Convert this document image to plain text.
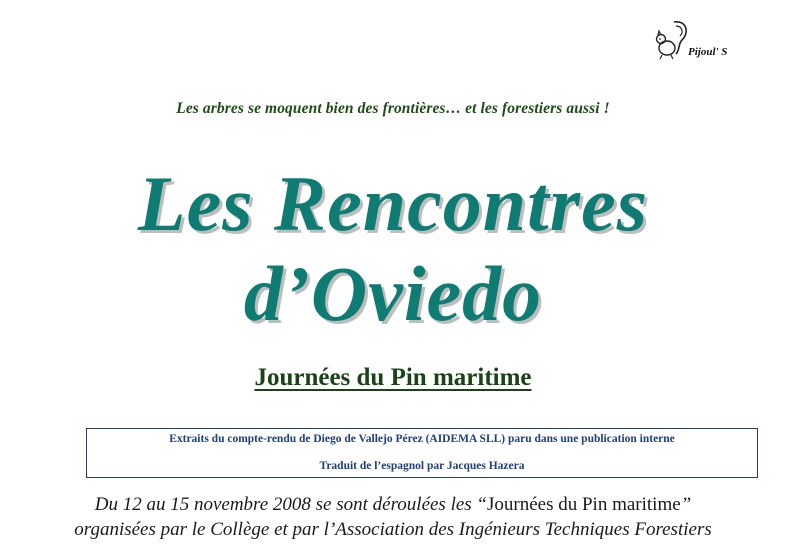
Pijoul' S
Les arbres se moquent bien des frontières… et les forestiers aussi !
Les Rencontres
d’Oviedo
Journées du Pin maritime
Extraits du compte-rendu de Diego de Vallejo Pérez (AIDEMA SLL) paru dans une publication interne
Traduit de l’espagnol par Jacques Hazera
Du 12 au 15 novembre 2008 se sont déroulées les “Journées du Pin maritime”
organisées par le Collège et par l’Association des Ingénieurs Techniques Forestiers
